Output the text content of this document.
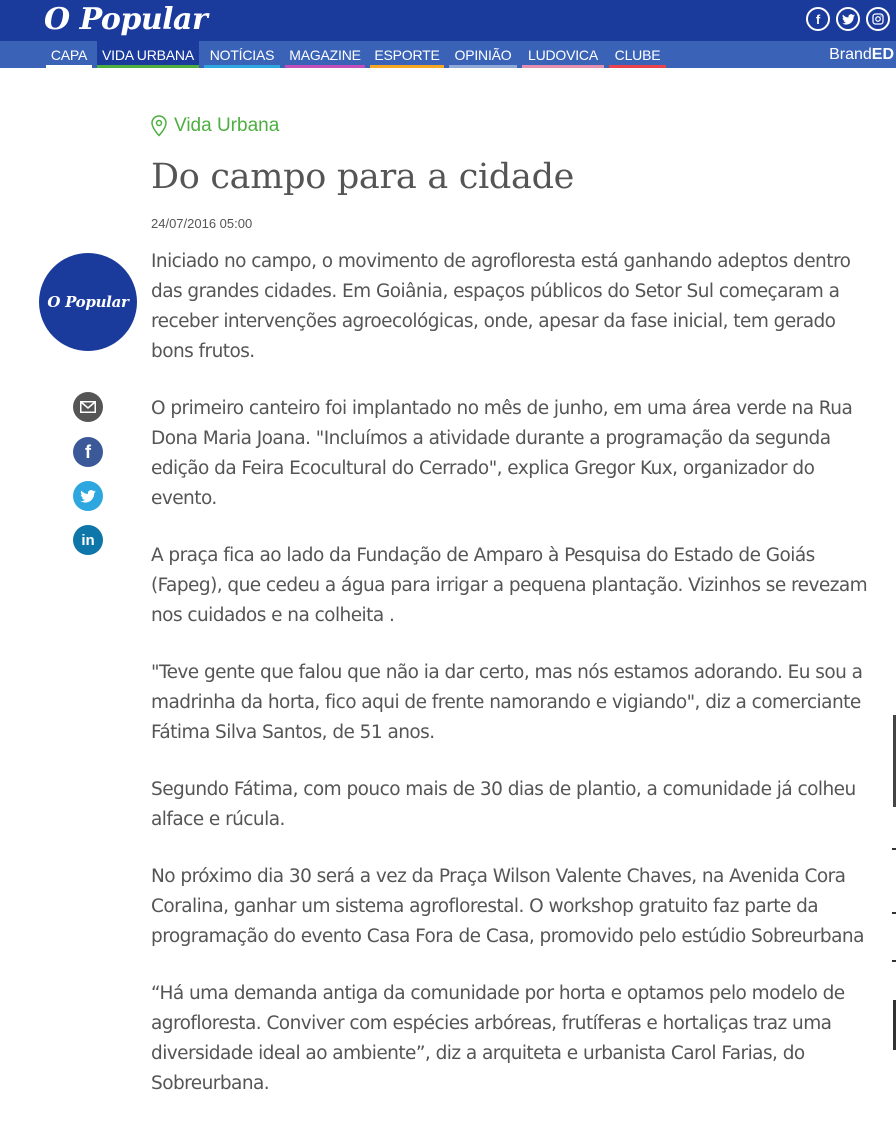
O Popular	f
CAPA	VIDA URBANA	NOTÍCIAS	MAGAZINE ESPORTE	OPINIÃO	LUDOVICA	CLUBE	BrandED
Vida Urbana
Do campo para a cidade
24/07/2016 05:00
O Popular
f
in

Iniciado no campo, o movimento de agrofloresta está ganhando adeptos dentro das grandes cidades. Em Goiânia, espaços públicos do Setor Sul começaram a receber intervenções agroecológicas, onde, apesar da fase inicial, tem gerado bons frutos.

O primeiro canteiro foi implantado no mês de junho, em uma área verde na Rua Dona Maria Joana. "Incluímos a atividade durante a programação da segunda edição da Feira Ecocultural do Cerrado", explica Gregor Kux, organizador do evento.

A praça fica ao lado da Fundação de Amparo à Pesquisa do Estado de Goiás (Fapeg), que cedeu a água para irrigar a pequena plantação. Vizinhos se revezam nos cuidados e na colheita .

"Teve gente que falou que não ia dar certo, mas nós estamos adorando. Eu sou a madrinha da horta, fico aqui de frente namorando e vigiando", diz a comerciante Fátima Silva Santos, de 51 anos.

Segundo Fátima, com pouco mais de 30 dias de plantio, a comunidade já colheu alface e rúcula.

No próximo dia 30 será a vez da Praça Wilson Valente Chaves, na Avenida Cora Coralina, ganhar um sistema agroflorestal. O workshop gratuito faz parte da programação do evento Casa Fora de Casa, promovido pelo estúdio Sobreurbana

“Há uma demanda antiga da comunidade por horta e optamos pelo modelo de agrofloresta. Conviver com espécies arbóreas, frutíferas e hortaliças traz uma diversidade ideal ao ambiente”, diz a arquiteta e urbanista Carol Farias, do Sobreurbana.
